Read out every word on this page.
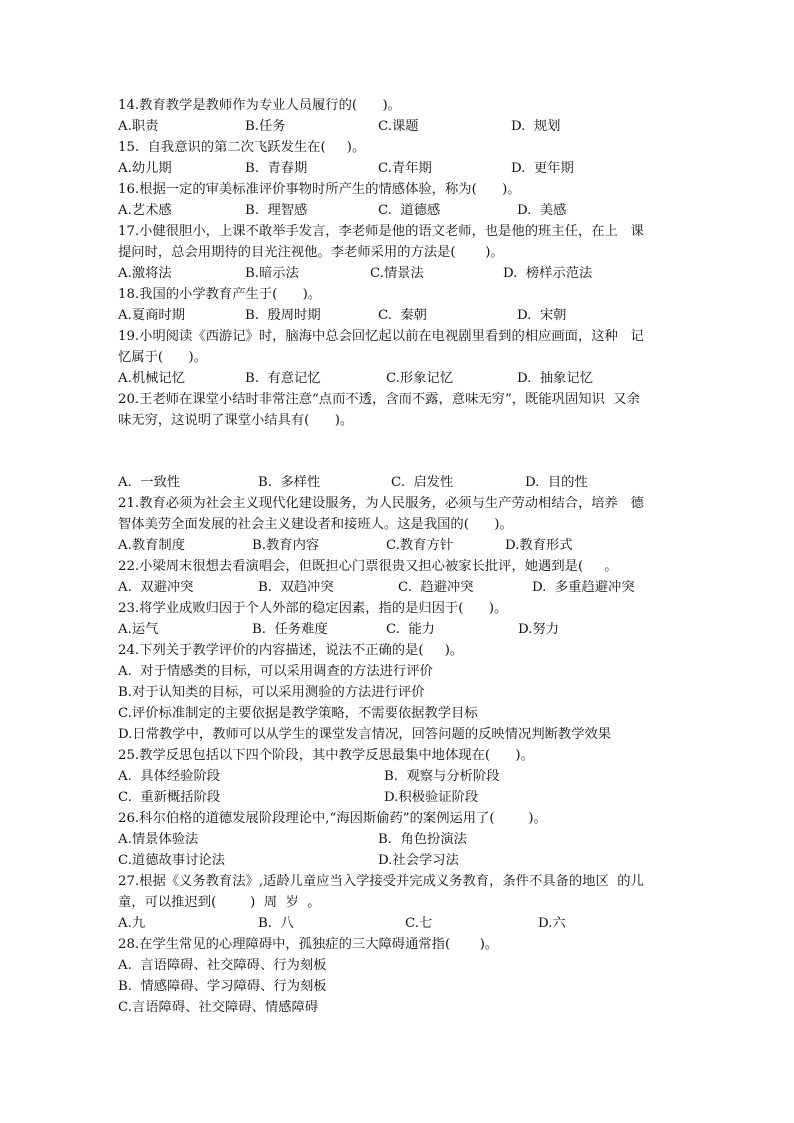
14.教育教学是教师作为专业人员履行的(      )。
A.职责	B.任务	C.课题	D.  规划
15.  自我意识的第二次飞跃发生在(     )。
A.幼儿期	B.  青春期	C.青年期	D.  更年期
16.根据一定的审美标准评价事物时所产生的情感体验，称为(      )。
A.艺术感	B.  理智感	C.  道德感	D.  美感
17.小健很胆小，上课不敢举手发言，李老师是他的语文老师，也是他的班主任，在上   课
提问时，总会用期待的目光注视他。李老师采用的方法是(       )。
A.激将法	B.暗示法	C.情景法	D.  榜样示范法
18.我国的小学教育产生于(      )。
A.夏商时期	B.  殷周时期	C.  秦朝	D.  宋朝
19.小明阅读《西游记》时，脑海中总会回忆起以前在电视剧里看到的相应画面，这种   记
忆属于(      )。
A.机械记忆	B.  有意记忆	C.形象记忆	D.  抽象记忆
20.王老师在课堂小结时非常注意“点而不透，含而不露，意味无穷”，既能巩固知识  又余
味无穷，这说明了课堂小结具有(      )。
A.  一致性	B.  多样性	C.  启发性	D.  目的性
21.教育必须为社会主义现代化建设服务，为人民服务，必须与生产劳动相结合，培养   德
智体美劳全面发展的社会主义建设者和接班人。这是我国的(      )。
A.教育制度	B.教育内容	C.教育方针	D.教育形式
22.小梁周末很想去看演唱会，但既担心门票很贵又担心被家长批评，她遇到是(     。
A.  双避冲突	B.  双趋冲突	C.  趋避冲突	D.  多重趋避冲突
23.将学业成败归因于个人外部的稳定因素，指的是归因于(      )。
A.运气	B.  任务难度	C.  能力	D.努力
24.下列关于教学评价的内容描述，说法不正确的是(     )。
A.  对于情感类的目标，可以采用调查的方法进行评价
B.对于认知类的目标，可以采用测验的方法进行评价
C.评价标准制定的主要依据是教学策略，不需要依据教学目标
D.日常教学中，教师可以从学生的课堂发言情况，回答问题的反映情况判断教学效果
25.教学反思包括以下四个阶段，其中教学反思最集中地体现在(      )。
A.  具体经验阶段	B.  观察与分析阶段
C.  重新概括阶段	D.积极验证阶段
26.科尔伯格的道德发展阶段理论中,“海因斯偷药”的案例运用了(        )。
A.情景体验法	B.  角色扮演法
C.道德故事讨论法	D.社会学习法
27.根据《义务教育法》,适龄儿童应当入学接受并完成义务教育，条件不具备的地区  的儿
童，可以推迟到(        )  周  岁  。
A.九	B.  八	C.七	D.六
28.在学生常见的心理障碍中，孤独症的三大障碍通常指(       )。
A.  言语障碍、社交障碍、行为刻板
B.  情感障碍、学习障碍、行为刻板
C.言语障碍、社交障碍、情感障碍
